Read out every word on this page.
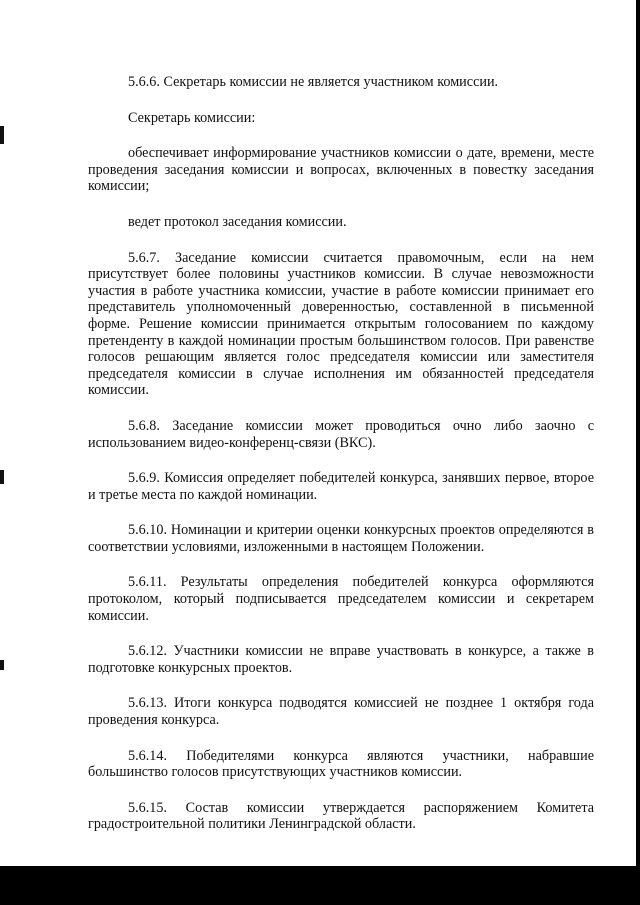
5.6.6. Секретарь комиссии не является участником комиссии.

Секретарь комиссии:

обеспечивает информирование участников комиссии о дате, времени, месте проведения заседания комиссии и вопросах, включенных в повестку заседания комиссии;

ведет протокол заседания комиссии.

5.6.7. Заседание комиссии считается правомочным, если на нем присутствует более половины участников комиссии. В случае невозможности участия в работе участника комиссии, участие в работе комиссии принимает его представитель уполномоченный доверенностью, составленной в письменной форме. Решение комиссии принимается открытым голосованием по каждому претенденту в каждой номинации простым большинством голосов. При равенстве голосов решающим является голос председателя комиссии или заместителя председателя комиссии в случае исполнения им обязанностей председателя комиссии.

5.6.8. Заседание комиссии может проводиться очно либо заочно с использованием видео-конференц-связи (ВКС).

5.6.9. Комиссия определяет победителей конкурса, занявших первое, второе и третье места по каждой номинации.

5.6.10. Номинации и критерии оценки конкурсных проектов определяются в соответствии условиями, изложенными в настоящем Положении.

5.6.11. Результаты определения победителей конкурса оформляются протоколом, который подписывается председателем комиссии и секретарем комиссии.

5.6.12. Участники комиссии не вправе участвовать в конкурсе, а также в подготовке конкурсных проектов.

5.6.13. Итоги конкурса подводятся комиссией не позднее 1 октября года проведения конкурса.

5.6.14. Победителями конкурса являются участники, набравшие большинство голосов присутствующих участников комиссии.

5.6.15. Состав комиссии утверждается распоряжением Комитета градостроительной политики Ленинградской области.
